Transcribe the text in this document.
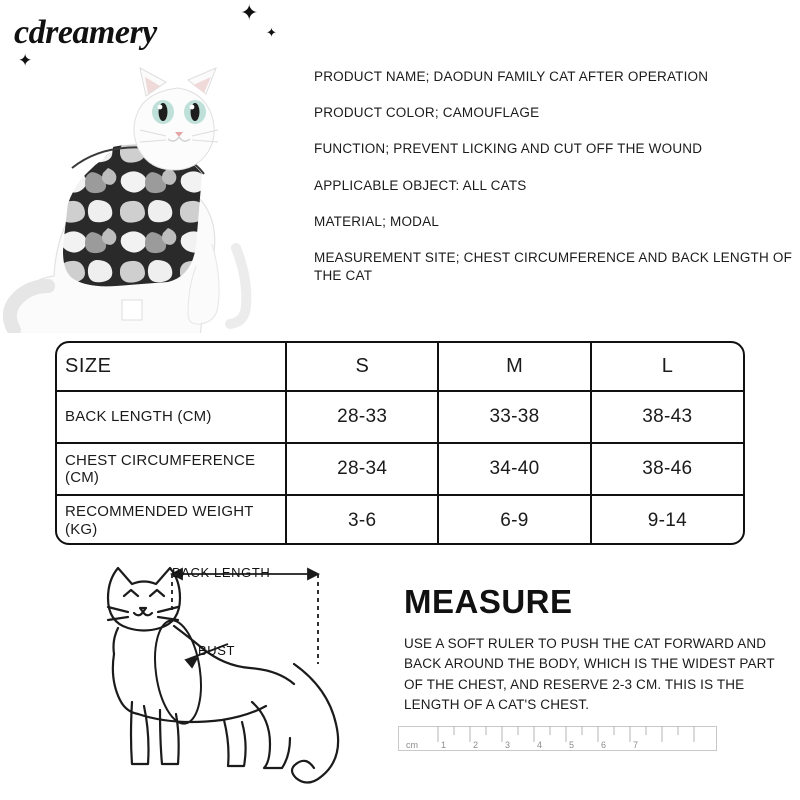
cdreamery
✦
✦
✦
PRODUCT NAME; DAODUN FAMILY CAT AFTER OPERATION
PRODUCT COLOR; CAMOUFLAGE
FUNCTION; PREVENT LICKING AND CUT OFF THE WOUND
APPLICABLE OBJECT: ALL CATS
MATERIAL; MODAL
MEASUREMENT SITE; CHEST CIRCUMFERENCE AND BACK LENGTH OF THE CAT
SIZE	S	M	L
BACK LENGTH (CM)	28-33	33-38	38-43
CHEST CIRCUMFERENCE
(CM)	28-34	34-40	38-46
RECOMMENDED WEIGHT
(KG)	3-6	6-9	9-14
BACK LENGTH
BUST
MEASURE
USE A SOFT RULER TO PUSH THE CAT FORWARD AND BACK AROUND THE BODY, WHICH IS THE WIDEST PART OF THE CHEST, AND RESERVE 2-3 CM. THIS IS THE LENGTH OF A CAT'S CHEST.
cm	1	2	3	4	5	6	7
